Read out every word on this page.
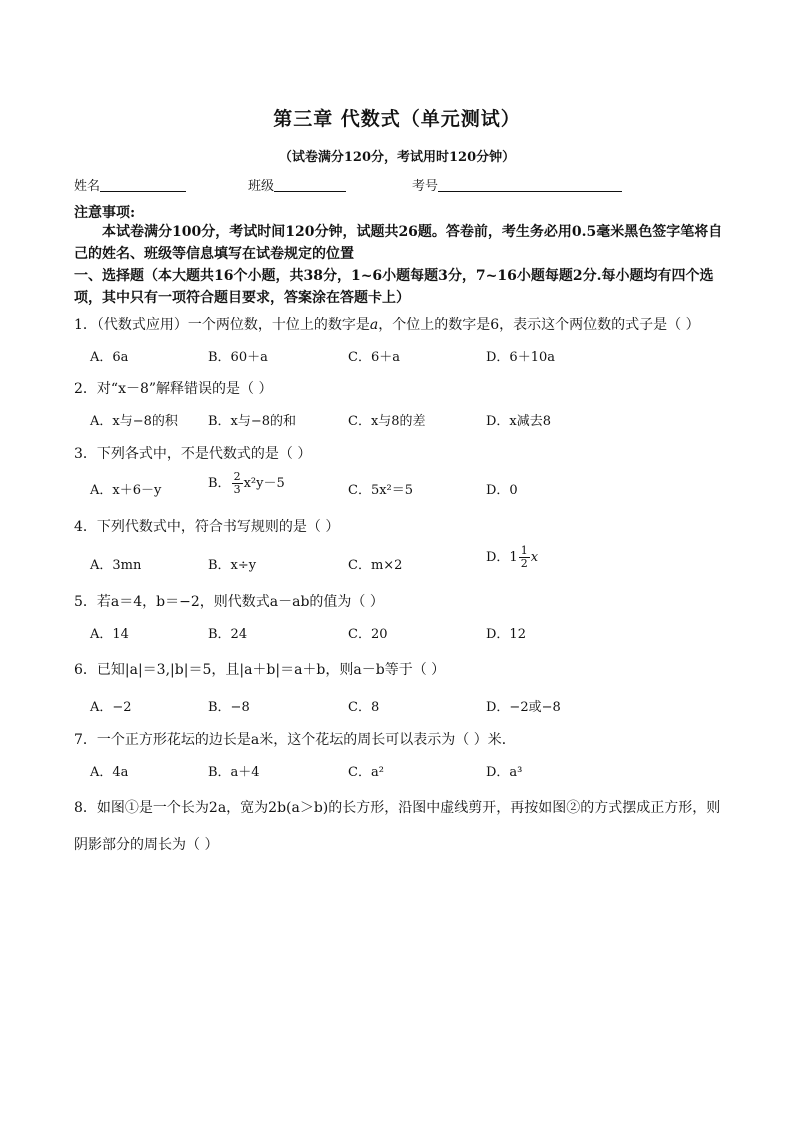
第三章 代数式（单元测试）
（试卷满分120分，考试用时120分钟）
姓名	班级	考号
注意事项:
本试卷满分100分，考试时间120分钟，试题共26题。答卷前，考生务必用0.5毫米黑色签字笔将自己的姓名、班级等信息填写在试卷规定的位置
一、选择题（本大题共16个小题，共38分，1~6小题每题3分，7~16小题每题2分.每小题均有四个选项，其中只有一项符合题目要求，答案涂在答题卡上）
1．（代数式应用）一个两位数，十位上的数字是a，个位上的数字是6，表示这个两位数的式子是（ ）
A．6a	B．60＋a	C．6＋a	D．6＋10a
2．对“x－8”解释错误的是（ ）
A．x与−8的积 B．x与−8的和	C．x与8的差	D．x减去8
3．下列各式中，不是代数式的是（ ）
A．x＋6－y	B． $\frac{2}{3} x^2y-5$	C．5x²＝5	D．0
4．下列代数式中，符合书写规则的是（ ）
A．3mn	B．x÷y	C．m×2
D．$1 \frac{1}{2}$ x
5．若a＝4，b＝−2，则代数式a－ab的值为（ ）
A．14	B．24	C．20	D．12
6．已知|a|＝3,|b|＝5，且|a＋b|＝a＋b，则a－b等于（ ）
A．−2	B．−8	C．8	D．−2或−8
7．一个正方形花坛的边长是a米，这个花坛的周长可以表示为（ ）米．
A．4a	B．a＋4	C．a²	D．a³
8．如图①是一个长为2a，宽为2b(a＞b)的长方形，沿图中虚线剪开，再按如图②的方式摆成正方形，则
阴影部分的周长为（ ）
